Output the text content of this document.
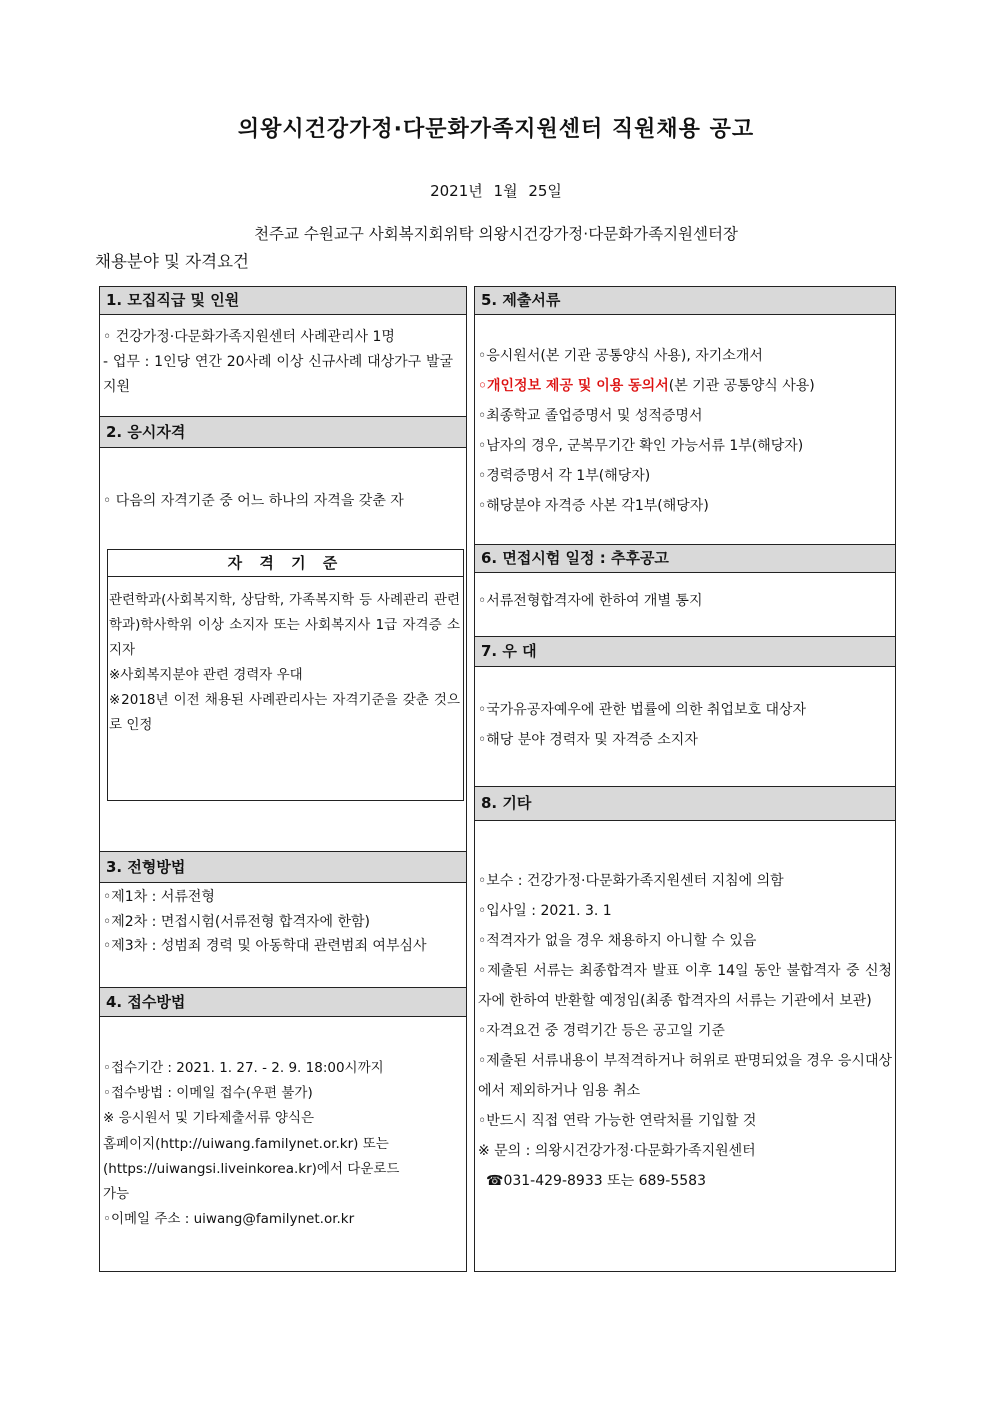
의왕시건강가정·다문화가족지원센터 직원채용 공고
2021년 1월 25일
천주교 수원교구 사회복지회위탁 의왕시건강가정·다문화가족지원센터장
채용분야 및 자격요건
1. 모집직급 및 인원

◦ 건강가정·다문화가족지원센터 사례관리사 1명

- 업무 : 1인당 연간 20사례 이상 신규사례 대상가구 발굴 지원

2. 응시자격
◦ 다음의 자격기준 중 어느 하나의 자격을 갖춘 자
자 격 기 준

관련학과(사회복지학, 상담학, 가족복지학 등 사례관리 관련 학과)학사학위 이상 소지자 또는 사회복지사 1급 자격증 소지자

※사회복지분야 관련 경력자 우대

※2018년 이전 채용된 사례관리사는 자격기준을 갖춘 것으로 인정

3. 전형방법

◦제1차 : 서류전형

◦제2차 : 면접시험(서류전형 합격자에 한함)

◦제3차 : 성범죄 경력 및 아동학대 관련범죄 여부심사

4. 접수방법

◦접수기간 : 2021. 1. 27. - 2. 9. 18:00시까지

◦접수방법 : 이메일 접수(우편 불가)

※ 응시원서 및 기타제출서류 양식은

홈페이지(http://uiwang.familynet.or.kr) 또는

(https://uiwangsi.liveinkorea.kr)에서 다운로드

가능

◦이메일 주소 : uiwang@familynet.or.kr

5. 제출서류

◦응시원서(본 기관 공통양식 사용), 자기소개서

◦개인정보 제공 및 이용 동의서(본 기관 공통양식 사용)

◦최종학교 졸업증명서 및 성적증명서

◦남자의 경우, 군복무기간 확인 가능서류 1부(해당자)

◦경력증명서 각 1부(해당자)

◦해당분야 자격증 사본 각1부(해당자)

6. 면접시험 일정 : 추후공고
◦서류전형합격자에 한하여 개별 통지
7. 우 대

◦국가유공자예우에 관한 법률에 의한 취업보호 대상자

◦해당 분야 경력자 및 자격증 소지자

8. 기타

◦보수 : 건강가정·다문화가족지원센터 지침에 의함

◦입사일 : 2021. 3. 1

◦적격자가 없을 경우 채용하지 아니할 수 있음

◦제출된 서류는 최종합격자 발표 이후 14일 동안 불합격자 중 신청자에 한하여 반환할 예정임(최종 합격자의 서류는 기관에서 보관)

◦자격요건 중 경력기간 등은 공고일 기준

◦제출된 서류내용이 부적격하거나 허위로 판명되었을 경우 응시대상에서 제외하거나 임용 취소

◦반드시 직접 연락 가능한 연락처를 기입할 것

※ 문의 : 의왕시건강가정·다문화가족지원센터

☎031-429-8933 또는 689-5583
